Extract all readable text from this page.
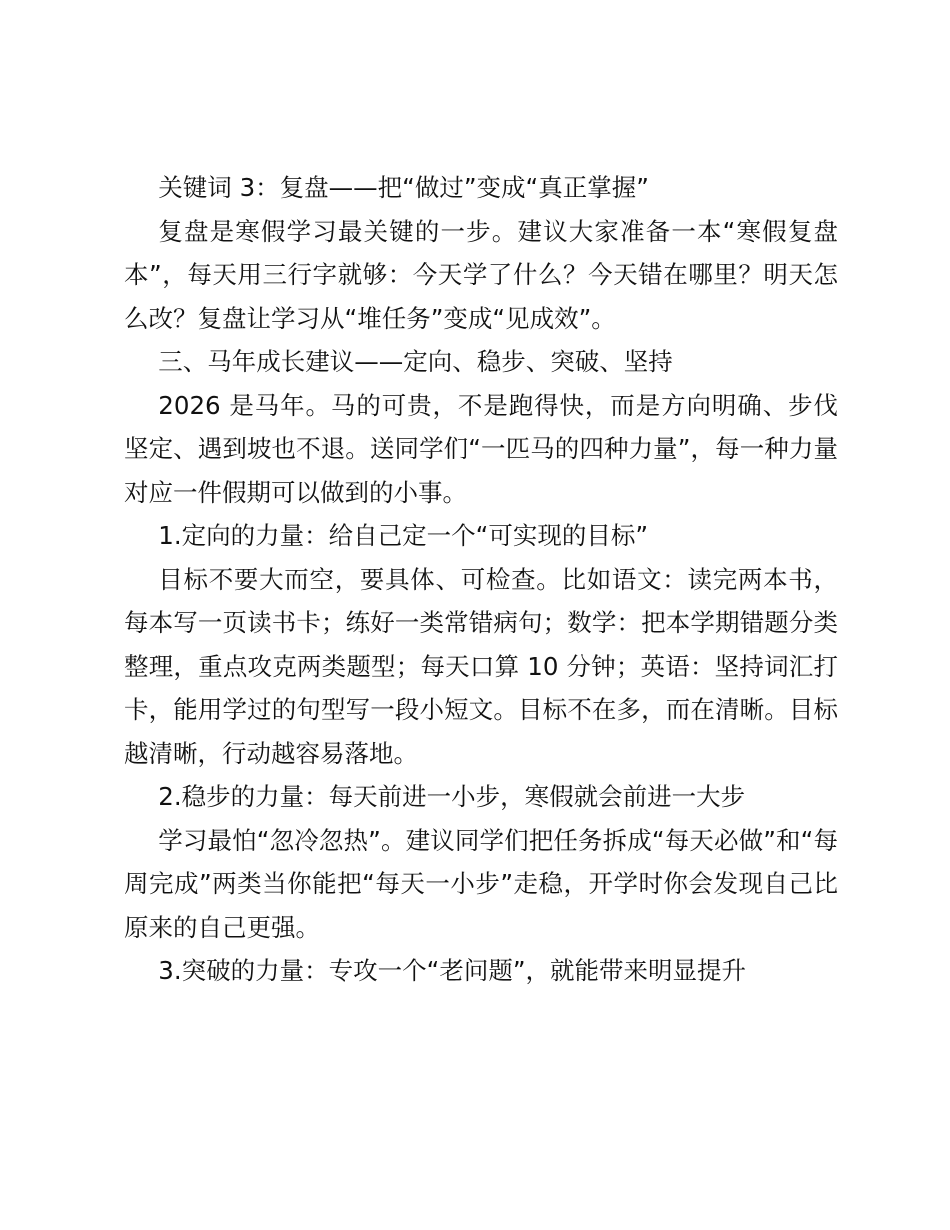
关键词 3：复盘——把“做过”变成“真正掌握”

复盘是寒假学习最关键的一步。建议大家准备一本“寒假复盘本”，每天用三行字就够：今天学了什么？今天错在哪里？明天怎么改？复盘让学习从“堆任务”变成“见成效”。

三、马年成长建议——定向、稳步、突破、坚持

2026 是马年。马的可贵，不是跑得快，而是方向明确、步伐坚定、遇到坡也不退。送同学们“一匹马的四种力量”，每一种力量对应一件假期可以做到的小事。

1.定向的力量：给自己定一个“可实现的目标”

目标不要大而空，要具体、可检查。比如语文：读完两本书，每本写一页读书卡；练好一类常错病句；数学：把本学期错题分类整理，重点攻克两类题型；每天口算 10 分钟；英语：坚持词汇打卡，能用学过的句型写一段小短文。目标不在多，而在清晰。目标越清晰，行动越容易落地。

2.稳步的力量：每天前进一小步，寒假就会前进一大步

学习最怕“忽冷忽热”。建议同学们把任务拆成“每天必做”和“每周完成”两类当你能把“每天一小步”走稳，开学时你会发现自己比原来的自己更强。

3.突破的力量：专攻一个“老问题”，就能带来明显提升
